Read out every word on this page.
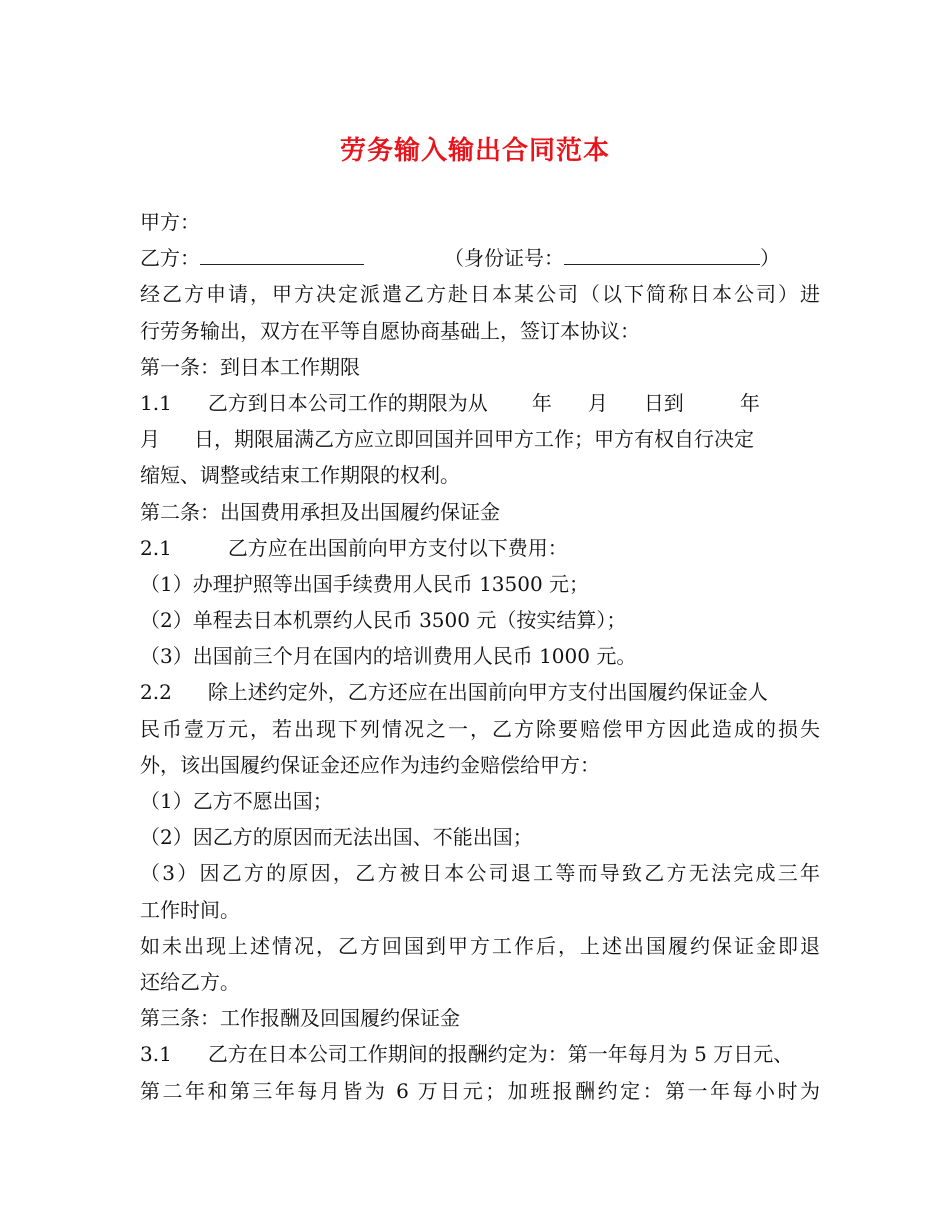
劳务输入输出合同范本
甲方：
乙方：	（身份证号：	）
经乙方申请，甲方决定派遣乙方赴日本某公司（以下简称日本公司）进
行劳务输出，双方在平等自愿协商基础上，签订本协议：
第一条：到日本工作期限
1.1 乙方到日本公司工作的期限为从 年 月 日到	年
月 日，期限届满乙方应立即回国并回甲方工作；甲方有权自行决定
缩短、调整或结束工作期限的权利。
第二条：出国费用承担及出国履约保证金
2.1	乙方应在出国前向甲方支付以下费用：
（1）办理护照等出国手续费用人民币 13500 元；
（2）单程去日本机票约人民币 3500 元（按实结算）；
（3）出国前三个月在国内的培训费用人民币 1000 元。
2.2 除上述约定外，乙方还应在出国前向甲方支付出国履约保证金人
民币壹万元，若出现下列情况之一，乙方除要赔偿甲方因此造成的损失
外，该出国履约保证金还应作为违约金赔偿给甲方：
（1）乙方不愿出国；
（2）因乙方的原因而无法出国、不能出国；
（3）因乙方的原因，乙方被日本公司退工等而导致乙方无法完成三年
工作时间。
如未出现上述情况，乙方回国到甲方工作后，上述出国履约保证金即退
还给乙方。
第三条：工作报酬及回国履约保证金
3.1 乙方在日本公司工作期间的报酬约定为：第一年每月为 5 万日元、
第二年和第三年每月皆为 6 万日元；加班报酬约定：第一年每小时为
